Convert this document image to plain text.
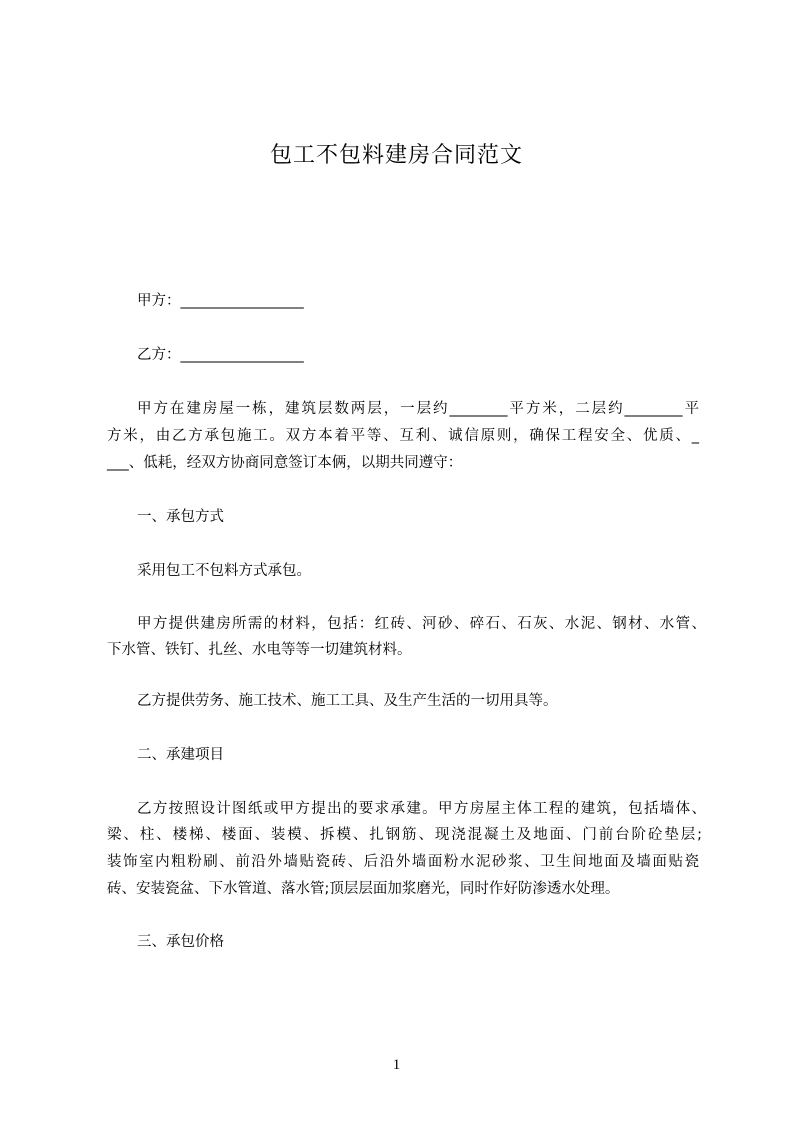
包工不包料建房合同范文
甲方：_________________
乙方：_________________
甲方在建房屋一栋，建筑层数两层，一层约________平方米，二层约________平
方米，由乙方承包施工。双方本着平等、互利、诚信原则，确保工程安全、优质、_
___、低耗，经双方协商同意签订本俩，以期共同遵守：
一、承包方式
采用包工不包料方式承包。
甲方提供建房所需的材料，包括：红砖、河砂、碎石、石灰、水泥、钢材、水管、
下水管、铁钉、扎丝、水电等等一切建筑材料。
乙方提供劳务、施工技术、施工工具、及生产生活的一切用具等。
二、承建项目
乙方按照设计图纸或甲方提出的要求承建。甲方房屋主体工程的建筑，包括墙体、
梁、柱、楼梯、楼面、装模、拆模、扎钢筋、现浇混凝土及地面、门前台阶砼垫层;
装饰室内粗粉刷、前沿外墙贴瓷砖、后沿外墙面粉水泥砂浆、卫生间地面及墙面贴瓷
砖、安装瓷盆、下水管道、落水管;顶层层面加浆磨光，同时作好防渗透水处理。
三、承包价格
1
